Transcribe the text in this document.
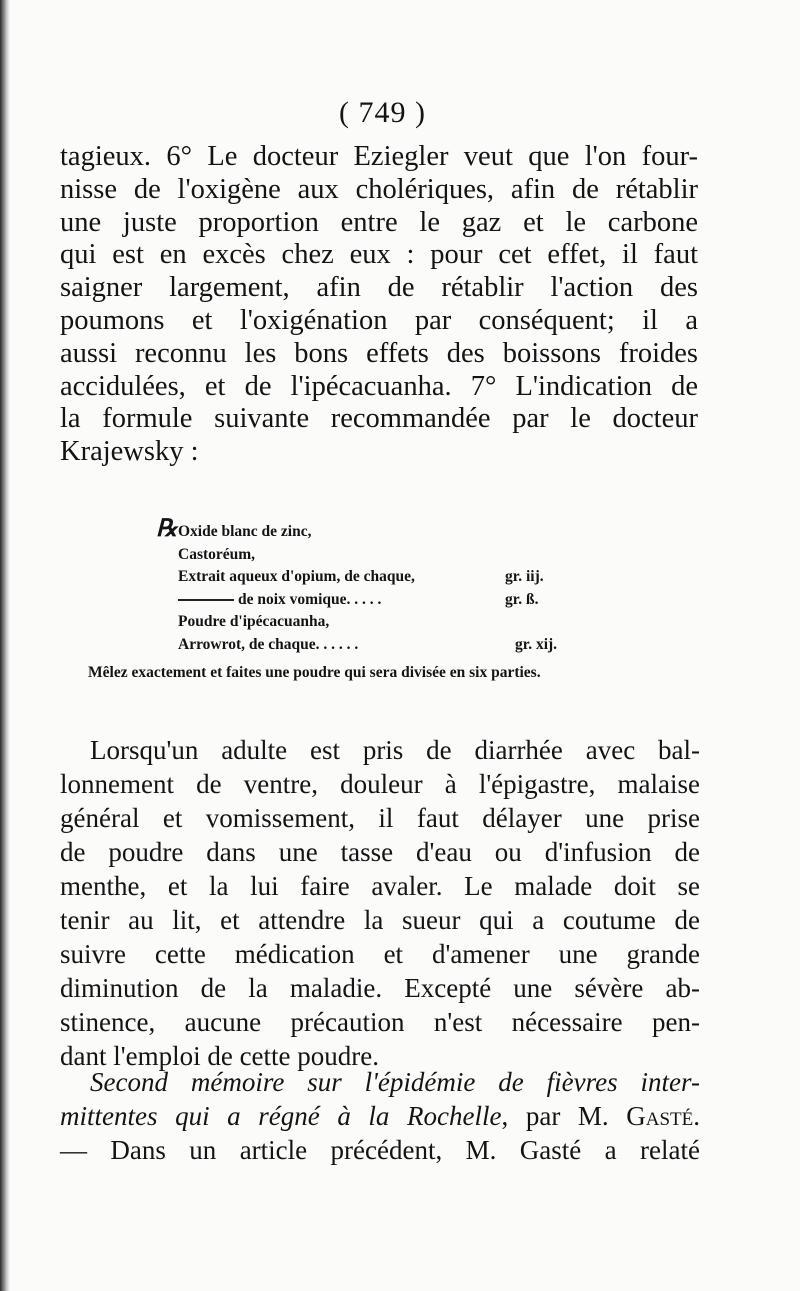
( 749 )
tagieux. 6° Le docteur Eziegler veut que l'on four-
nisse de l'oxigène aux cholériques, afin de rétablir
une juste proportion entre le gaz et le carbone
qui est en excès chez eux : pour cet effet, il faut
saigner largement, afin de rétablir l'action des
poumons et l'oxigénation par conséquent; il a
aussi reconnu les bons effets des boissons froides
accidulées, et de l'ipécacuanha. 7° L'indication de
la formule suivante recommandée par le docteur
Krajewsky :
℞ Oxide blanc de zinc,
Castoréum,
Extrait aqueux d'opium, de chaque,	gr. iij.
de noix vomique. . . . .	gr. ß.
Poudre d'ipécacuanha,
Arrowrot, de chaque. . . . . .	gr. xij.
Mêlez exactement et faites une poudre qui sera divisée en six parties.
Lorsqu'un adulte est pris de diarrhée avec bal-
lonnement de ventre, douleur à l'épigastre, malaise
général et vomissement, il faut délayer une prise
de poudre dans une tasse d'eau ou d'infusion de
menthe, et la lui faire avaler. Le malade doit se
tenir au lit, et attendre la sueur qui a coutume de
suivre cette médication et d'amener une grande
diminution de la maladie. Excepté une sévère ab-
stinence, aucune précaution n'est nécessaire pen-
dant l'emploi de cette poudre.
Second mémoire sur l'épidémie de fièvres inter-
mittentes qui a régné à la Rochelle, par M. Gasté.
— Dans un article précédent, M. Gasté a relaté
